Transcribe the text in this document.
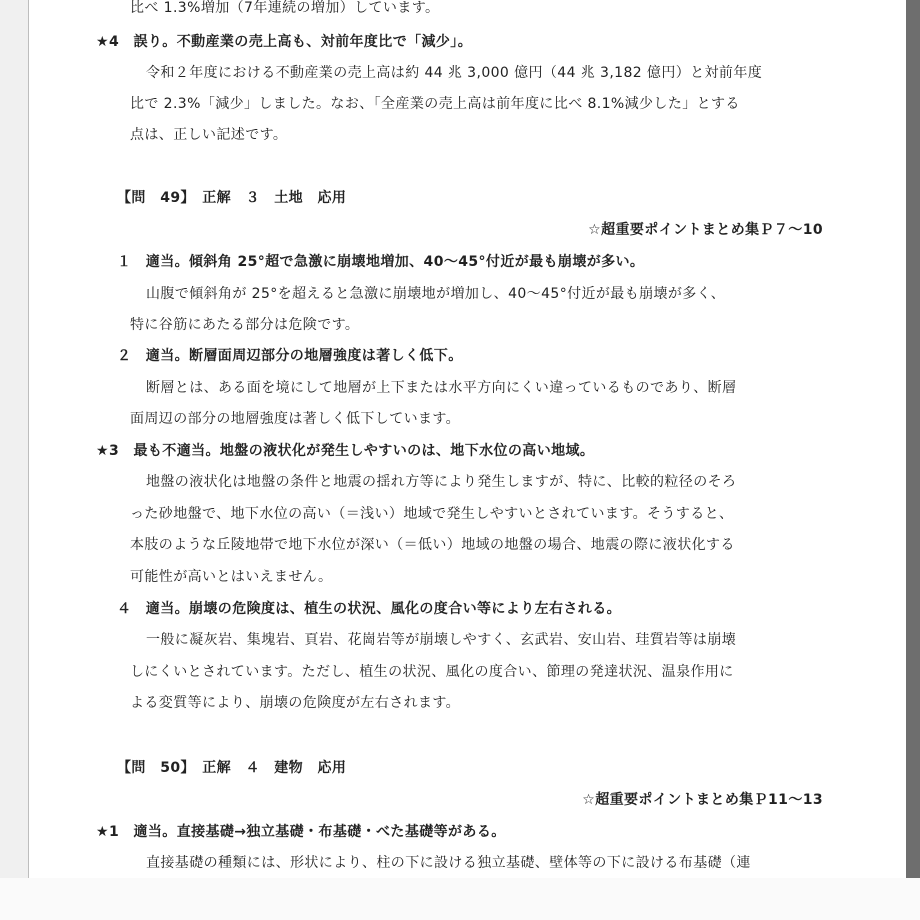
比べ 1.3%増加（7年連続の増加）しています。
★4　誤り。不動産業の売上高も、対前年度比で「減少」。
令和２年度における不動産業の売上高は約 44 兆 3,000 億円（44 兆 3,182 億円）と対前年度
比で 2.3%「減少」しました。なお、「全産業の売上高は前年度に比べ 8.1%減少した」とする
点は、正しい記述です。
【問　49】　正解　３　土地　応用
☆超重要ポイントまとめ集Ｐ７～10
１　適当。傾斜角 25°超で急激に崩壊地増加、40～45°付近が最も崩壊が多い。
山腹で傾斜角が 25°を超えると急激に崩壊地が増加し、40～45°付近が最も崩壊が多く、
特に谷筋にあたる部分は危険です。
２　適当。断層面周辺部分の地層強度は著しく低下。
断層とは、ある面を境にして地層が上下または水平方向にくい違っているものであり、断層
面周辺の部分の地層強度は著しく低下しています。
★3　最も不適当。地盤の液状化が発生しやすいのは、地下水位の高い地域。
地盤の液状化は地盤の条件と地震の揺れ方等により発生しますが、特に、比較的粒径のそろ
った砂地盤で、地下水位の高い（＝浅い）地域で発生しやすいとされています。そうすると、
本肢のような丘陵地帯で地下水位が深い（＝低い）地域の地盤の場合、地震の際に液状化する
可能性が高いとはいえません。
４　適当。崩壊の危険度は、植生の状況、風化の度合い等により左右される。
一般に凝灰岩、集塊岩、頁岩、花崗岩等が崩壊しやすく、玄武岩、安山岩、珪質岩等は崩壊
しにくいとされています。ただし、植生の状況、風化の度合い、節理の発達状況、温泉作用に
よる変質等により、崩壊の危険度が左右されます。
【問　50】　正解　４　建物　応用
☆超重要ポイントまとめ集Ｐ11～13
★1　適当。直接基礎→独立基礎・布基礎・べた基礎等がある。
直接基礎の種類には、形状により、柱の下に設ける独立基礎、壁体等の下に設ける布基礎（連
